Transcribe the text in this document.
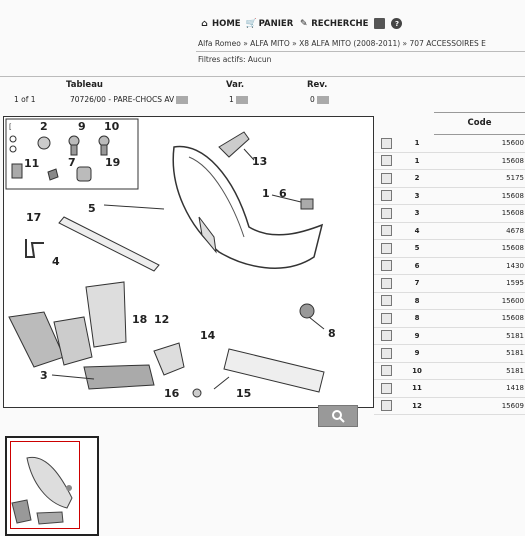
⌂ HOME 🛒 PANIER ✎ RECHERCHE	?
Alfa Romeo » ALFA MITO » X8 ALFA MITO (2008-2011) » 707 ACCESSOIRES E
Filtres actifs: Aucun
Tableau	Var.	Rev.
1 of 1	70726/00 - PARE-CHOCS AV	1	0
[	2	9 10
11	7	19
5
13
1 6
17
4
18 12
8
14
3
16	15
Code
1	15600
1	15608
2	5175
3	15608
3	15608
4	4678
5	15608
6	1430
7	1595
8	15600
8	15608
9	5181
9	5181
10	5181
11	1418
12	15609
